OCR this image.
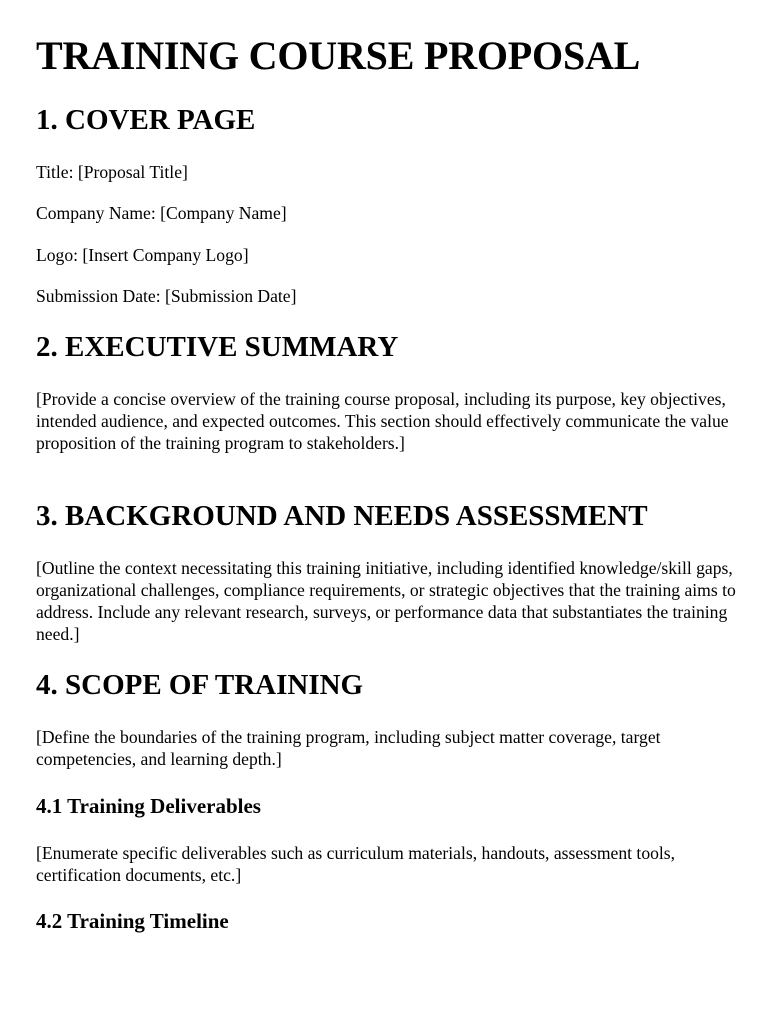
TRAINING COURSE PROPOSAL
1. COVER PAGE

Title: [Proposal Title]

Company Name: [Company Name]

Logo: [Insert Company Logo]

Submission Date: [Submission Date]

2. EXECUTIVE SUMMARY

[Provide a concise overview of the training course proposal, including its purpose, key objectives, intended audience, and expected outcomes. This section should effectively communicate the value proposition of the training program to stakeholders.]

3. BACKGROUND AND NEEDS ASSESSMENT

[Outline the context necessitating this training initiative, including identified knowledge/skill gaps, organizational challenges, compliance requirements, or strategic objectives that the training aims to address. Include any relevant research, surveys, or performance data that substantiates the training need.]

4. SCOPE OF TRAINING

[Define the boundaries of the training program, including subject matter coverage, target competencies, and learning depth.]

4.1 Training Deliverables

[Enumerate specific deliverables such as curriculum materials, handouts, assessment tools, certification documents, etc.]

4.2 Training Timeline
